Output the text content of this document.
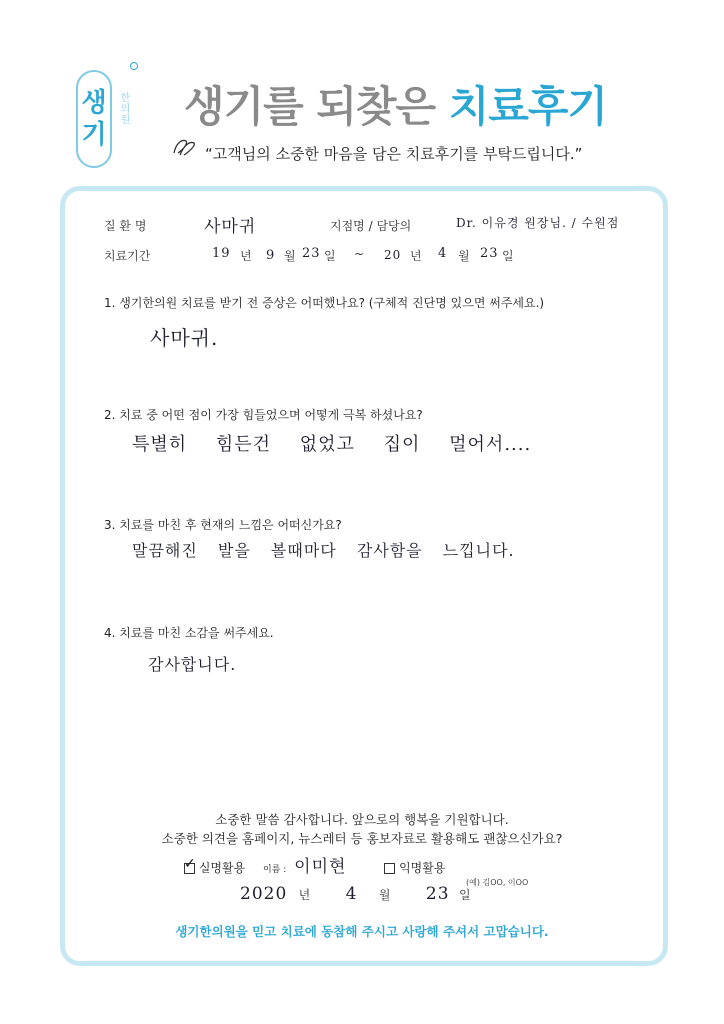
생
기
한의원 생기를 되찾은 치료후기
“고객님의 소중한 마음을 담은 치료후기를 부탁드립니다.”
질 환 명	사마귀	지점명 / 담당의	Dr. 이유경 원장님. / 수원점
치료기간	19 년 9 월 23 일 ~ 20 년 4 월 23 일
1. 생기한의원 치료를 받기 전 증상은 어떠했나요? (구체적 진단명 있으면 써주세요.)
사마귀.
2. 치료 중 어떤 점이 가장 힘들었으며 어떻게 극복 하셨나요?
특별히 힘든건 없었고 집이 멀어서....
3. 치료를 마친 후 현재의 느낌은 어떠신가요?
말끔해진 발을 볼때마다 감사함을 느낍니다.
4. 치료를 마친 소감을 써주세요.
감사합니다.
소중한 말씀 감사합니다. 앞으로의 행복을 기원합니다.
소중한 의견을 홈페이지, 뉴스레터 등 홍보자료로 활용해도 괜찮으신가요?
✓ 실명활용 이름 : 이미현	익명활용
(예) 김OO, 이OO
2020 년 4 월 23 일
생기한의원을 믿고 치료에 동참해 주시고 사랑해 주셔서 고맙습니다.
